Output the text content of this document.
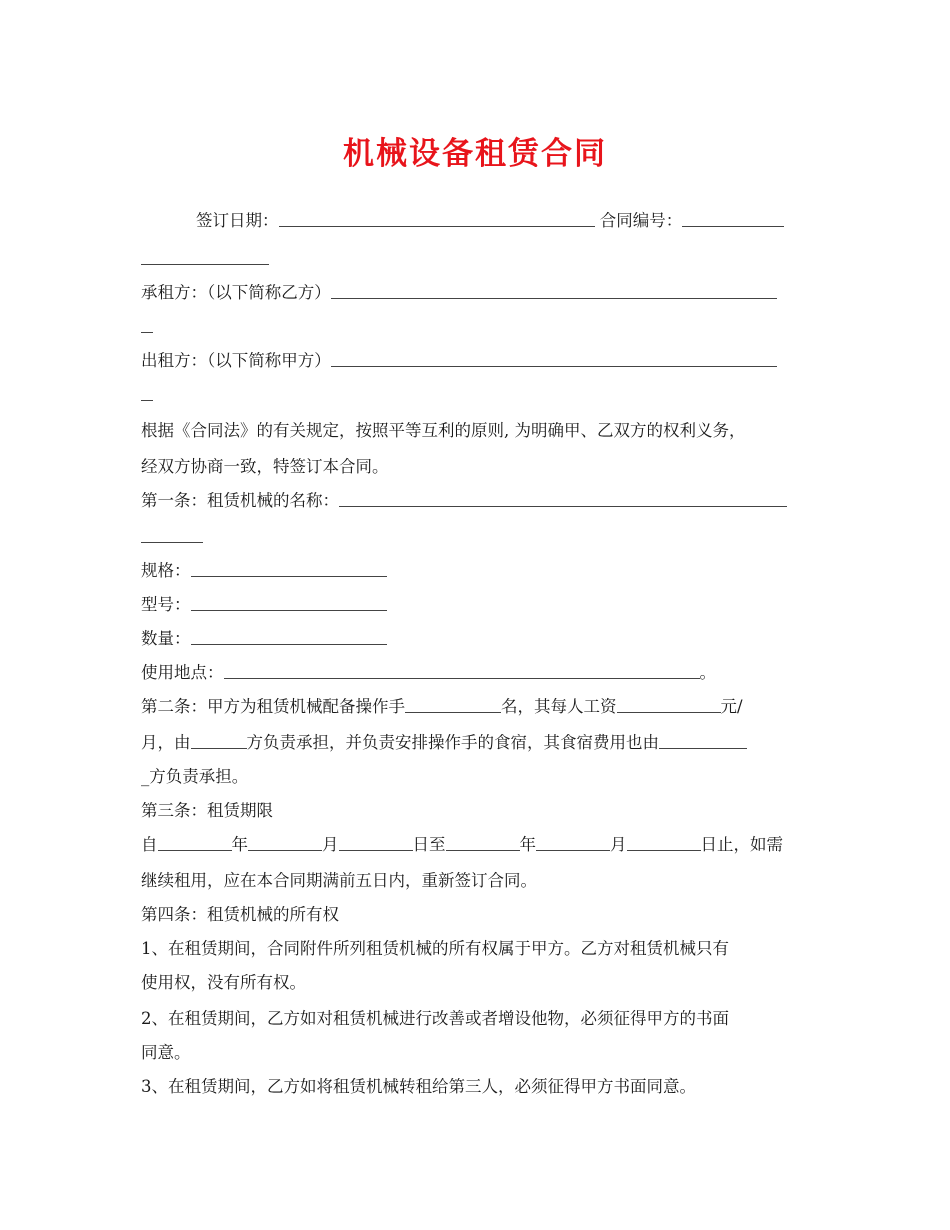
机械设备租赁合同
签订日期：	合同编号：
承租方：（以下简称乙方）
出租方：（以下简称甲方）
根据《合同法》的有关规定，按照平等互利的原则, 为明确甲、乙双方的权利义务，
经双方协商一致，特签订本合同。
第一条：租赁机械的名称：
规格：
型号：
数量：
使用地点：	。
第二条：甲方为租赁机械配备操作手	名，其每人工资	元/
月，由	方负责承担，并负责安排操作手的食宿，其食宿费用也由
_方负责承担。
第三条：租赁期限
自	年	月	日至	年	月	日止，如需
继续租用，应在本合同期满前五日内，重新签订合同。
第四条：租赁机械的所有权
1、在租赁期间，合同附件所列租赁机械的所有权属于甲方。乙方对租赁机械只有
使用权，没有所有权。
2、在租赁期间，乙方如对租赁机械进行改善或者增设他物，必须征得甲方的书面
同意。
3、在租赁期间，乙方如将租赁机械转租给第三人，必须征得甲方书面同意。
